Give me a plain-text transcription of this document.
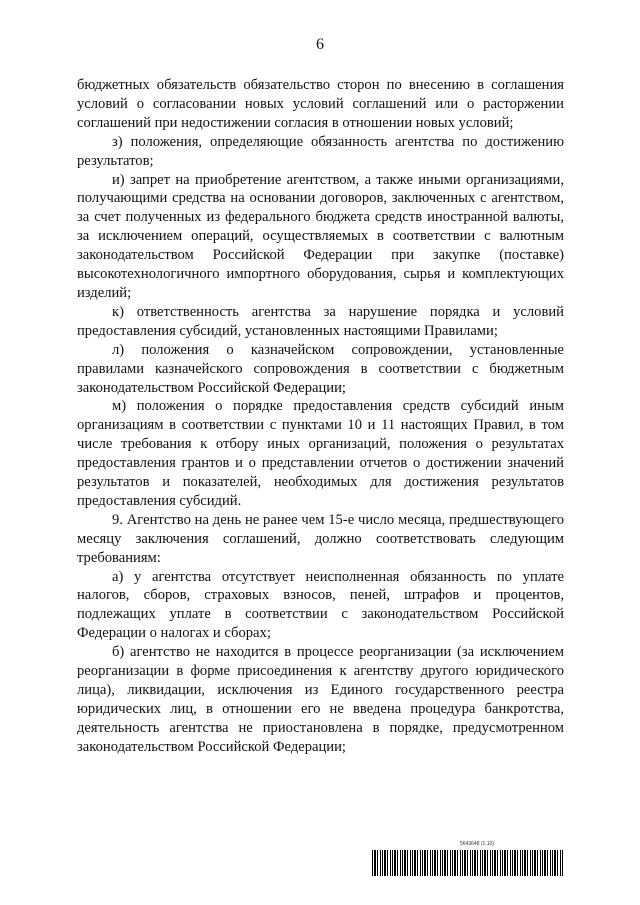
6

бюджетных обязательств обязательство сторон по внесению в соглашения условий о согласовании новых условий соглашений или о расторжении соглашений при недостижении согласия в отношении новых условий;

з) положения, определяющие обязанность агентства по достижению результатов;

и) запрет на приобретение агентством, а также иными организациями, получающими средства на основании договоров, заключенных с агентством, за счет полученных из федерального бюджета средств иностранной валюты, за исключением операций, осуществляемых в соответствии с валютным законодательством Российской Федерации при закупке (поставке) высокотехнологичного импортного оборудования, сырья и комплектующих изделий;

к) ответственность агентства за нарушение порядка и условий предоставления субсидий, установленных настоящими Правилами;

л) положения о казначейском сопровождении, установленные правилами казначейского сопровождения в соответствии с бюджетным законодательством Российской Федерации;

м) положения о порядке предоставления средств субсидий иным организациям в соответствии с пунктами 10 и 11 настоящих Правил, в том числе требования к отбору иных организаций, положения о результатах предоставления грантов и о представлении отчетов о достижении значений результатов и показателей, необходимых для достижения результатов предоставления субсидий.

9. Агентство на день не ранее чем 15-е число месяца, предшествующего месяцу заключения соглашений, должно соответствовать следующим требованиям:

а) у агентства отсутствует неисполненная обязанность по уплате налогов, сборов, страховых взносов, пеней, штрафов и процентов, подлежащих уплате в соответствии с законодательством Российской Федерации о налогах и сборах;

б) агентство не находится в процессе реорганизации (за исключением реорганизации в форме присоединения к агентству другого юридического лица), ликвидации, исключения из Единого государственного реестра юридических лиц, в отношении его не введена процедура банкротства, деятельность агентства не приостановлена в порядке, предусмотренном законодательством Российской Федерации;

5643648 (1.10)
